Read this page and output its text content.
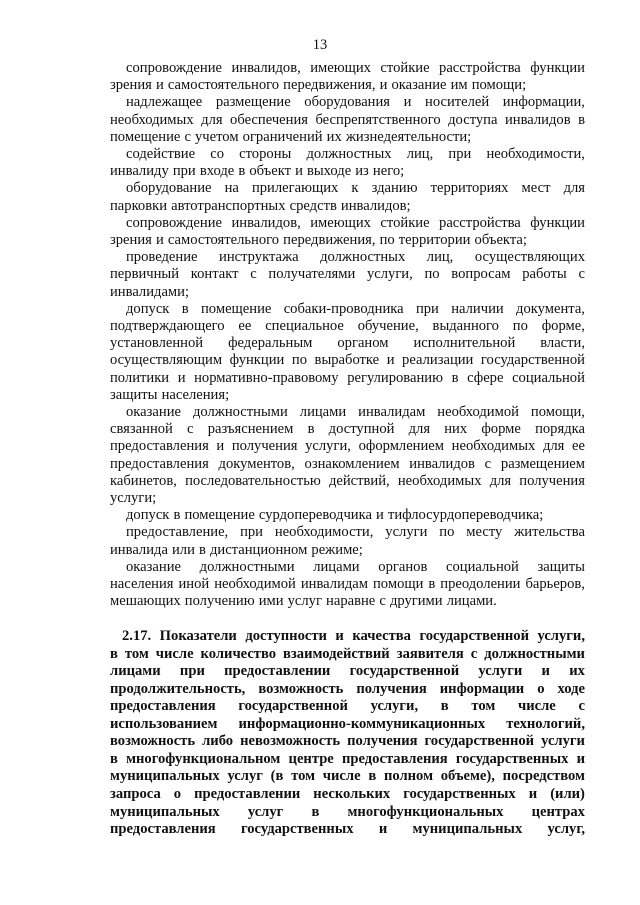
13
сопровождение инвалидов, имеющих стойкие расстройства функции
зрения и самостоятельного передвижения, и оказание им помощи;
надлежащее размещение оборудования и носителей информации,
необходимых для обеспечения беспрепятственного доступа инвалидов в
помещение с учетом ограничений их жизнедеятельности;
содействие со стороны должностных лиц, при необходимости,
инвалиду при входе в объект и выходе из него;
оборудование на прилегающих к зданию территориях мест для
парковки автотранспортных средств инвалидов;
сопровождение инвалидов, имеющих стойкие расстройства функции
зрения и самостоятельного передвижения, по территории объекта;
проведение инструктажа должностных лиц, осуществляющих
первичный контакт с получателями услуги, по вопросам работы с
инвалидами;
допуск в помещение собаки-проводника при наличии документа,
подтверждающего ее специальное обучение, выданного по форме,
установленной федеральным органом исполнительной власти,
осуществляющим функции по выработке и реализации государственной
политики и нормативно-правовому регулированию в сфере социальной
защиты населения;
оказание должностными лицами инвалидам необходимой помощи,
связанной с разъяснением в доступной для них форме порядка
предоставления и получения услуги, оформлением необходимых для ее
предоставления документов, ознакомлением инвалидов с размещением
кабинетов, последовательностью действий, необходимых для получения
услуги;
допуск в помещение сурдопереводчика и тифлосурдопереводчика;
предоставление, при необходимости, услуги по месту жительства
инвалида или в дистанционном режиме;
оказание должностными лицами органов социальной защиты
населения иной необходимой инвалидам помощи в преодолении барьеров,
мешающих получению ими услуг наравне с другими лицами.
2.17. Показатели доступности и качества государственной услуги,
в том числе количество взаимодействий заявителя с должностными
лицами при предоставлении государственной услуги и их
продолжительность, возможность получения информации о ходе
предоставления государственной услуги, в том числе с
использованием информационно-коммуникационных технологий,
возможность либо невозможность получения государственной услуги
в многофункциональном центре предоставления государственных и
муниципальных услуг (в том числе в полном объеме), посредством
запроса о предоставлении нескольких государственных и (или)
муниципальных услуг в многофункциональных центрах
предоставления государственных и муниципальных услуг,
